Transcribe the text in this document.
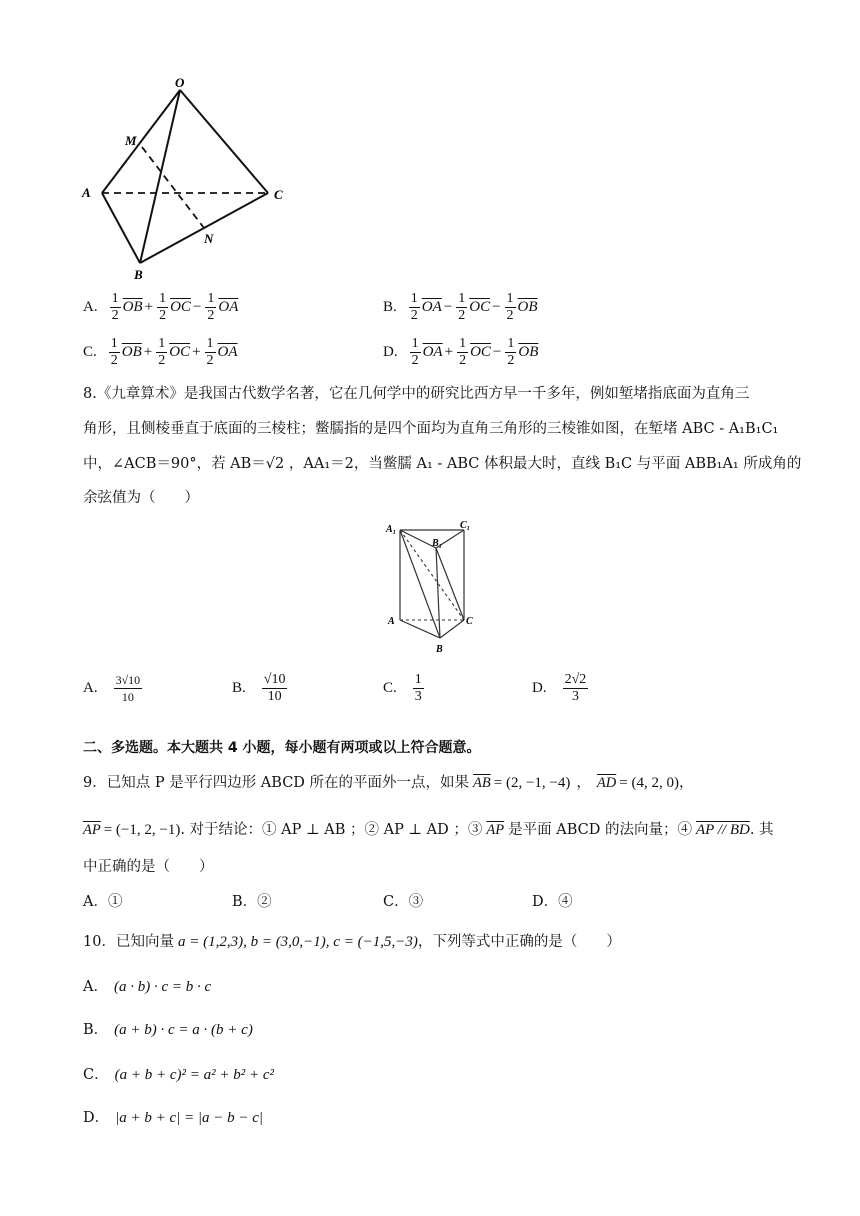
O
M
A	C
N
B
A. $\frac{1}{2} \overline{OB} + \frac{1}{2} \overline{OC} - \frac{1}{2} \overline{OA}$	B. $\frac{1}{2} \overline{OA} - \frac{1}{2} \overline{OC} - \frac{1}{2} \overline{OB}$
C. $\frac{1}{2} \overline{OB} + \frac{1}{2} \overline{OC} + \frac{1}{2} \overline{OA}$	D. $\frac{1}{2} \overline{OA} + \frac{1}{2} \overline{OC} - \frac{1}{2} \overline{OB}$
8.《九章算术》是我国古代数学名著，它在几何学中的研究比西方早一千多年，例如堑堵指底面为直角三
角形，且侧棱垂直于底面的三棱柱；鳖臑指的是四个面均为直角三角形的三棱锥如图，在堑堵 ABC - A₁B₁C₁
中，∠ACB＝90°，若 AB＝√2 ，AA₁＝2，当鳖臑 A₁ - ABC 体积最大时，直线 B₁C 与平面 ABB₁A₁ 所成角的
余弦值为（　　）
A₁	C₁
B₁
A	C
B
A. $\frac{3√10}{10}$	B. $\frac{√10}{10}$	C. $\frac{1}{3}$	D. $\frac{2√2}{3}$
二、多选题。本大题共 4 小题，每小题有两项或以上符合题意。
9．已知点 P 是平行四边形 ABCD 所在的平面外一点，如果 $\overline{AB} = (2$, −1, −4) ， $\overline{AD} = (4$, 2, 0) ，
$\overline{AP} = (-1$, 2, −1) . 对于结论：① AP ⊥ AB ；② AP ⊥ AD ；③ $\overline{AP}$ 是平面 ABCD 的法向量；④ AP // BD . 其
中正确的是（　　）
A．①	B．②	C．③	D．④
10．已知向量 a = (1,2,3), b = (3,0,−1), c = (−1,5,−3) ，下列等式中正确的是（　　）
A． (a · b) · c = b · c
B． (a + b) · c = a · (b + c)
C． (a + b + c)² = a² + b² + c²
D． |a + b + c| = |a − b − c|
